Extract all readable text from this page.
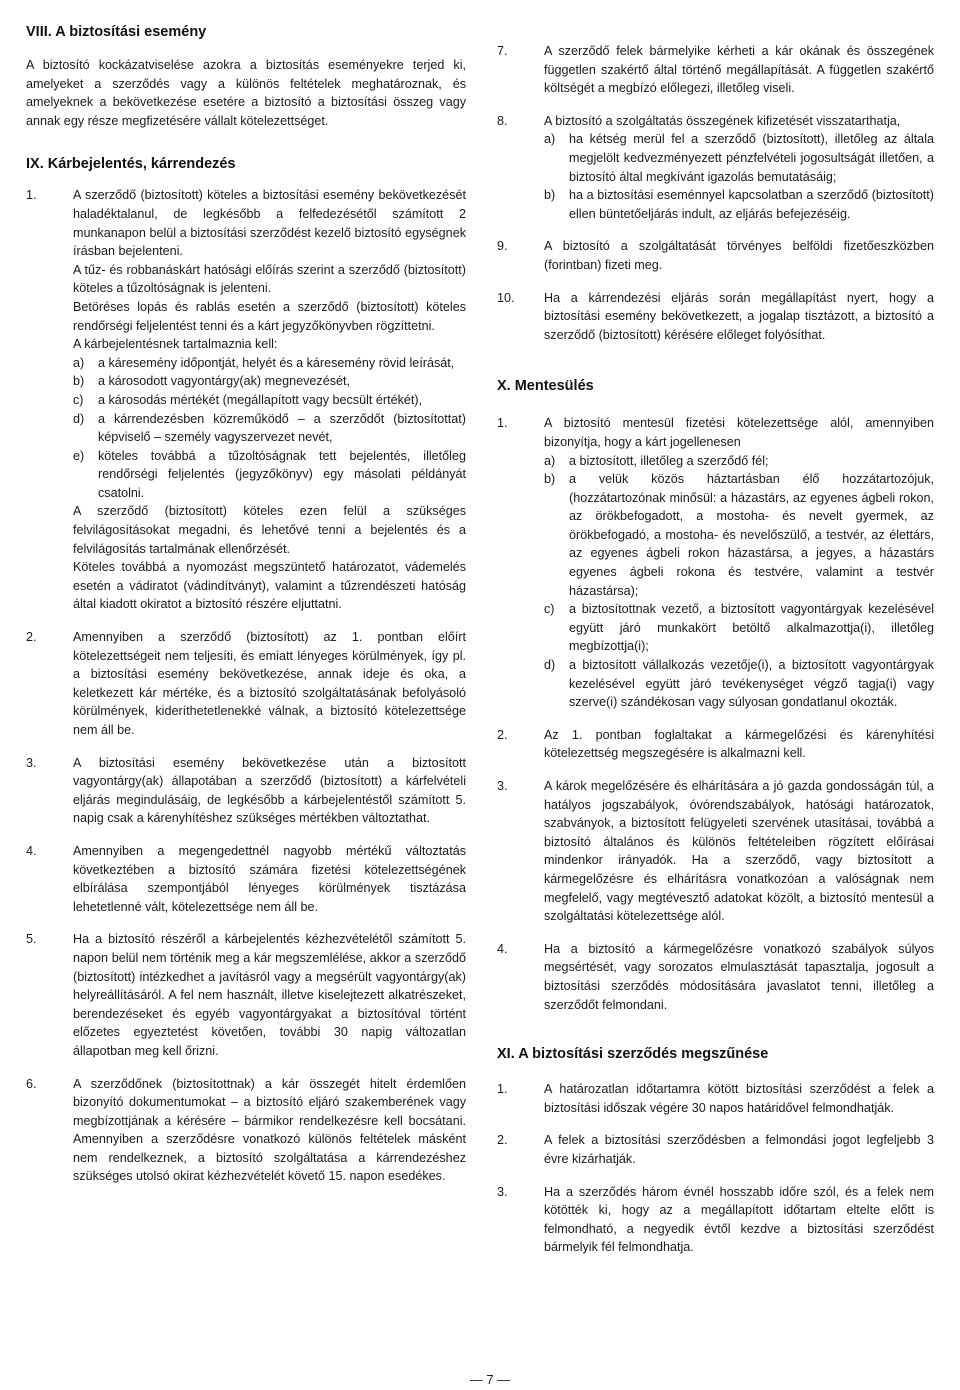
VIII. A biztosítási esemény

A biztosító kockázatviselése azokra a biztosítás eseményekre terjed ki, amelyeket a szerződés vagy a különös feltételek meghatároznak, és amelyeknek a bekövetkezése esetére a biztosító a biztosítási összeg vagy annak egy része megfizetésére vállalt kötelezettséget.

IX. Kárbejelentés, kárrendezés
1.	A szerződő (biztosított) köteles a biztosítási esemény bekövetkezését haladéktalanul, de legkésőbb a felfedezésétől számított 2 munkanapon belül a biztosítási szerződést kezelő biztosító egységnek írásban bejelenteni.

A tűz- és robbanáskárt hatósági előírás szerint a szerződő (biztosított) köteles a tűzoltóságnak is jelenteni.

Betöréses lopás és rablás esetén a szerződő (biztosított) köteles rendőrségi feljelentést tenni és a kárt jegyzőkönyvben rögzíttetni.

A kárbejelentésnek tartalmaznia kell:

a) a káresemény időpontját, helyét és a káresemény rövid leírását,
b) a károsodott vagyontárgy(ak) megnevezését,
c) a károsodás mértékét (megállapított vagy becsült értékét),
d) a kárrendezésben közreműködő – a szerződőt (biztosítottat) képviselő – személy vagyszervezet nevét,
e) köteles továbbá a tűzoltóságnak tett bejelentés, illetőleg rendőrségi feljelentés (jegyzőkönyv) egy másolati példányát csatolni.

A szerződő (biztosított) köteles ezen felül a szükséges felvilágosításokat megadni, és lehetővé tenni a bejelentés és a felvilágosítás tartalmának ellenőrzését.

Köteles továbbá a nyomozást megszüntető határozatot, vádemelés esetén a vádiratot (vádindítványt), valamint a tűzrendészeti hatóság által kiadott okiratot a biztosító részére eljuttatni.

2.	Amennyiben a szerződő (biztosított) az 1. pontban előírt kötelezettségeit nem teljesíti, és emiatt lényeges körülmények, így pl. a biztosítási esemény bekövetkezése, annak ideje és oka, a keletkezett kár mértéke, és a biztosító szolgáltatásának befolyásoló körülmények, kideríthetetlenekké válnak, a biztosító kötelezettsége nem áll be.

3.	A biztosítási esemény bekövetkezése után a biztosított vagyontárgy(ak) állapotában a szerződő (biztosított) a kárfelvételi eljárás megindulásáig, de legkésőbb a kárbejelentéstől számított 5. napig csak a kárenyhítéshez szükséges mértékben változtathat.

4.	Amennyiben a megengedettnél nagyobb mértékű változtatás következtében a biztosító számára fizetési kötelezettségének elbírálása szempontjából lényeges körülmények tisztázása lehetetlenné vált, kötelezettsége nem áll be.

5.	Ha a biztosító részéről a kárbejelentés kézhezvételétől számított 5. napon belül nem történik meg a kár megszemlélése, akkor a szerződő (biztosított) intézkedhet a javításról vagy a megsérült vagyontárgy(ak) helyreállításáról. A fel nem használt, illetve kiselejtezett alkatrészeket, berendezéseket és egyéb vagyontárgyakat a biztosítóval történt előzetes egyeztetést követően, további 30 napig változatlan állapotban meg kell őrizni.

6.	A szerződőnek (biztosítottnak) a kár összegét hitelt érdemlően bizonyító dokumentumokat – a biztosító eljáró szakemberének vagy megbízottjának a kérésére – bármikor rendelkezésre kell bocsátani. Amennyiben a szerződésre vonatkozó különös feltételek másként nem rendelkeznek, a biztosító szolgáltatása a kárrendezéshez szükséges utolsó okirat kézhezvételét követő 15. napon esedékes.

7.	A szerződő felek bármelyike kérheti a kár okának és összegének független szakértő által történő megállapítását. A független szakértő költségét a megbízó előlegezi, illetőleg viseli.

8.	A biztosító a szolgáltatás összegének kifizetését visszatarthatja,

a) ha kétség merül fel a szerződő (biztosított), illetőleg az általa megjelölt kedvezményezett pénzfelvételi jogosultságát illetően, a biztosító által megkívánt igazolás bemutatásáig;
b) ha a biztosítási eseménnyel kapcsolatban a szerződő (biztosított) ellen büntetőeljárás indult, az eljárás befejezéséig.
9.	A biztosító a szolgáltatását törvényes belföldi fizetőeszközben (forintban) fizeti meg.

10.	Ha a kárrendezési eljárás során megállapítást nyert, hogy a biztosítási esemény bekövetkezett, a jogalap tisztázott, a biztosító a szerződő (biztosított) kérésére előleget folyósíthat.

X. Mentesülés
1.	A biztosító mentesül fizetési kötelezettsége alól, amennyiben bizonyítja, hogy a kárt jogellenesen

a) a biztosított, illetőleg a szerződő fél;
b) a velük közös háztartásban élő hozzátartozójuk, (hozzátartozónak minősül: a házastárs, az egyenes ágbeli rokon, az örökbefogadott, a mostoha- és nevelt gyermek, az örökbefogadó, a mostoha- és nevelőszülő, a testvér, az élettárs, az egyenes ágbeli rokon házastársa, a jegyes, a házastárs egyenes ágbeli rokona és testvére, valamint a testvér házastársa);
c) a biztosítottnak vezető, a biztosított vagyontárgyak kezelésével együtt járó munkakört betöltő alkalmazottja(i), illetőleg megbízottja(i);
d) a biztosított vállalkozás vezetője(i), a biztosított vagyontárgyak kezelésével együtt járó tevékenységet végző tagja(i) vagy szerve(i) szándékosan vagy súlyosan gondatlanul okozták.
2.	Az 1. pontban foglaltakat a kármegelőzési és kárenyhítési kötelezettség megszegésére is alkalmazni kell.

3.	A károk megelőzésére és elhárítására a jó gazda gondosságán túl, a hatályos jogszabályok, óvórendszabályok, hatósági határozatok, szabványok, a biztosított felügyeleti szervének utasításai, továbbá a biztosító általános és különös feltételeiben rögzített előírásai mindenkor irányadók. Ha a szerződő, vagy biztosított a kármegelőzésre és elhárításra vonatkozóan a valóságnak nem megfelelő, vagy megtévesztő adatokat közölt, a biztosító mentesül a szolgáltatási kötelezettsége alól.

4.	Ha a biztosító a kármegelőzésre vonatkozó szabályok súlyos megsértését, vagy sorozatos elmulasztását tapasztalja, jogosult a biztosítási szerződés módosítására javaslatot tenni, illetőleg a szerződőt felmondani.

XI. A biztosítási szerződés megszűnése
1.	A határozatlan időtartamra kötött biztosítási szerződést a felek a biztosítási időszak végére 30 napos határidővel felmondhatják.

2.	A felek a biztosítási szerződésben a felmondási jogot legfeljebb 3 évre kizárhatják.

3.	Ha a szerződés három évnél hosszabb időre szól, és a felek nem kötötték ki, hogy az a megállapított időtartam eltelte előtt is felmondható, a negyedik évtől kezdve a biztosítási szerződést bármelyik fél felmondhatja.

— 7 —
